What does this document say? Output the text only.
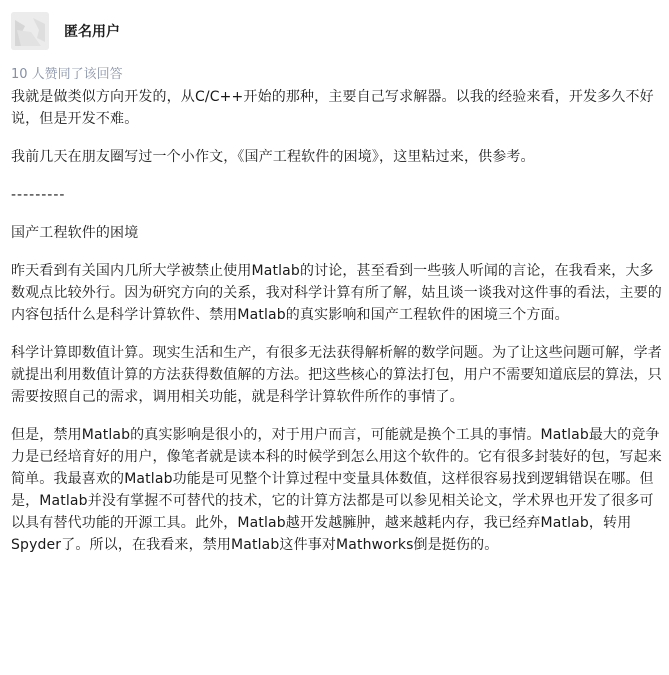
匿名用户
10 人赞同了该回答

我就是做类似方向开发的，从C/C++开始的那种，主要自己写求解器。以我的经验来看，开发多久不好说，但是开发不难。

我前几天在朋友圈写过一个小作文，《国产工程软件的困境》，这里粘过来，供参考。

---------

国产工程软件的困境

昨天看到有关国内几所大学被禁止使用Matlab的讨论，甚至看到一些骇人听闻的言论，在我看来，大多数观点比较外行。因为研究方向的关系，我对科学计算有所了解，姑且谈一谈我对这件事的看法，主要的内容包括什么是科学计算软件、禁用Matlab的真实影响和国产工程软件的困境三个方面。

科学计算即数值计算。现实生活和生产，有很多无法获得解析解的数学问题。为了让这些问题可解，学者就提出利用数值计算的方法获得数值解的方法。把这些核心的算法打包，用户不需要知道底层的算法，只需要按照自己的需求，调用相关功能，就是科学计算软件所作的事情了。

但是，禁用Matlab的真实影响是很小的，对于用户而言，可能就是换个工具的事情。Matlab最大的竞争力是已经培育好的用户，像笔者就是读本科的时候学到怎么用这个软件的。它有很多封装好的包，写起来简单。我最喜欢的Matlab功能是可见整个计算过程中变量具体数值，这样很容易找到逻辑错误在哪。但是，Matlab并没有掌握不可替代的技术，它的计算方法都是可以参见相关论文，学术界也开发了很多可以具有替代功能的开源工具。此外，Matlab越开发越臃肿，越来越耗内存，我已经弃Matlab，转用Spyder了。所以，在我看来，禁用Matlab这件事对Mathworks倒是挺伤的。
